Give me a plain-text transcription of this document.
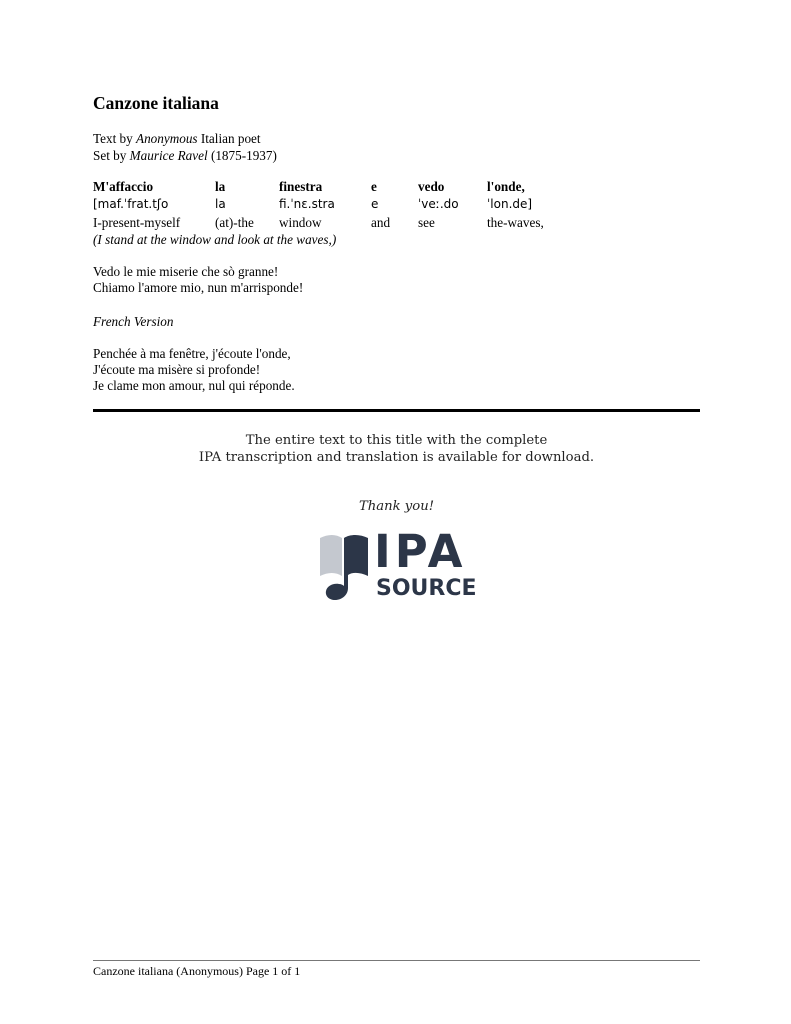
Canzone italiana
Text by Anonymous Italian poet
Set by Maurice Ravel (1875-1937)
M'affaccio	la	finestra	e	vedo	l'onde,
[maf.ˈfrat.tʃo	la	fi.ˈnɛ.stra	e	ˈveː.do	ˈlon.de]
I-present-myself	(at)-the	window	and	see	the-waves,
(I stand at the window and look at the waves,)
Vedo le mie miserie che sò granne!
Chiamo l'amore mio, nun m'arrisponde!
French Version
Penchée à ma fenêtre, j'écoute l'onde,
J'écoute ma misère si profonde!
Je clame mon amour, nul qui réponde.
The entire text to this title with the complete
IPA transcription and translation is available for download.
Thank you!
IPA
SOURCE
Canzone italiana (Anonymous) Page 1 of 1
